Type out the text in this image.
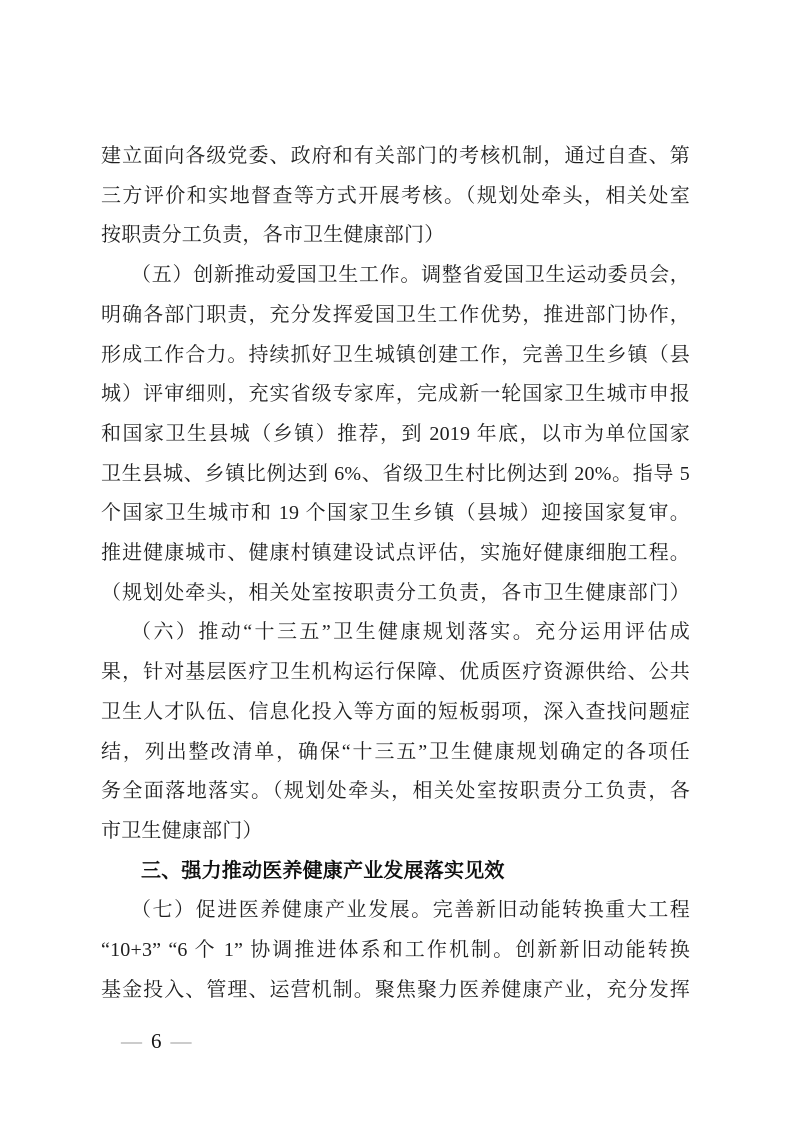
建立面向各级党委、政府和有关部门的考核机制，通过自查、第
三方评价和实地督查等方式开展考核。（规划处牵头，相关处室
按职责分工负责，各市卫生健康部门）
（五）创新推动爱国卫生工作。调整省爱国卫生运动委员会，
明确各部门职责，充分发挥爱国卫生工作优势，推进部门协作，
形成工作合力。持续抓好卫生城镇创建工作，完善卫生乡镇（县
城）评审细则，充实省级专家库，完成新一轮国家卫生城市申报
和国家卫生县城（乡镇）推荐，到 2019 年底，以市为单位国家
卫生县城、乡镇比例达到 6%、省级卫生村比例达到 20%。指导 5
个国家卫生城市和 19 个国家卫生乡镇（县城）迎接国家复审。
推进健康城市、健康村镇建设试点评估，实施好健康细胞工程。
（规划处牵头，相关处室按职责分工负责，各市卫生健康部门）
（六）推动“十三五”卫生健康规划落实。充分运用评估成
果，针对基层医疗卫生机构运行保障、优质医疗资源供给、公共
卫生人才队伍、信息化投入等方面的短板弱项，深入查找问题症
结，列出整改清单，确保“十三五”卫生健康规划确定的各项任
务全面落地落实。（规划处牵头，相关处室按职责分工负责，各
市卫生健康部门）
三、强力推动医养健康产业发展落实见效
（七）促进医养健康产业发展。完善新旧动能转换重大工程
“10+3” “6 个 1” 协调推进体系和工作机制。创新新旧动能转换
基金投入、管理、运营机制。聚焦聚力医养健康产业，充分发挥
— 6 —
